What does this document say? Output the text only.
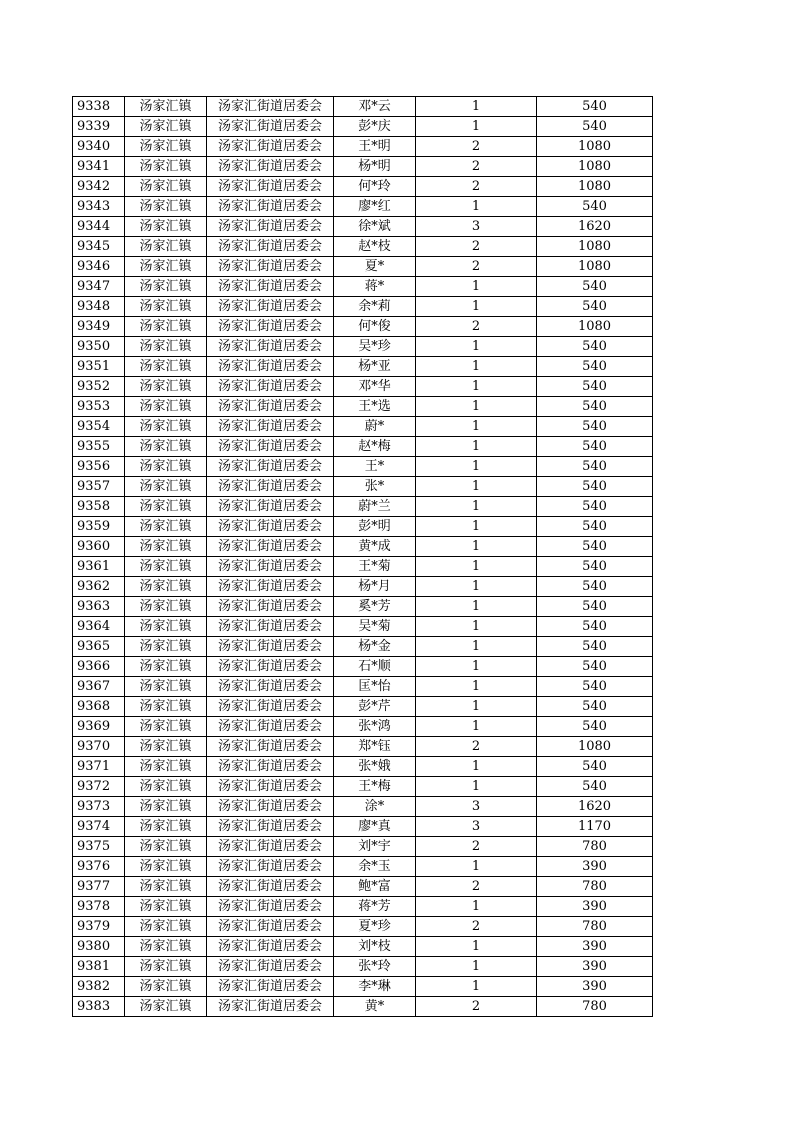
9338	汤家汇镇	汤家汇街道居委会	邓*云	1	540
9339	汤家汇镇	汤家汇街道居委会	彭*庆	1	540
9340	汤家汇镇	汤家汇街道居委会	王*明	2	1080
9341	汤家汇镇	汤家汇街道居委会	杨*明	2	1080
9342	汤家汇镇	汤家汇街道居委会	何*玲	2	1080
9343	汤家汇镇	汤家汇街道居委会	廖*红	1	540
9344	汤家汇镇	汤家汇街道居委会	徐*斌	3	1620
9345	汤家汇镇	汤家汇街道居委会	赵*枝	2	1080
9346	汤家汇镇	汤家汇街道居委会	夏*	2	1080
9347	汤家汇镇	汤家汇街道居委会	蒋*	1	540
9348	汤家汇镇	汤家汇街道居委会	余*莉	1	540
9349	汤家汇镇	汤家汇街道居委会	何*俊	2	1080
9350	汤家汇镇	汤家汇街道居委会	吴*珍	1	540
9351	汤家汇镇	汤家汇街道居委会	杨*亚	1	540
9352	汤家汇镇	汤家汇街道居委会	邓*华	1	540
9353	汤家汇镇	汤家汇街道居委会	王*选	1	540
9354	汤家汇镇	汤家汇街道居委会	蔚*	1	540
9355	汤家汇镇	汤家汇街道居委会	赵*梅	1	540
9356	汤家汇镇	汤家汇街道居委会	王*	1	540
9357	汤家汇镇	汤家汇街道居委会	张*	1	540
9358	汤家汇镇	汤家汇街道居委会	蔚*兰	1	540
9359	汤家汇镇	汤家汇街道居委会	彭*明	1	540
9360	汤家汇镇	汤家汇街道居委会	黄*成	1	540
9361	汤家汇镇	汤家汇街道居委会	王*菊	1	540
9362	汤家汇镇	汤家汇街道居委会	杨*月	1	540
9363	汤家汇镇	汤家汇街道居委会	奚*芳	1	540
9364	汤家汇镇	汤家汇街道居委会	吴*菊	1	540
9365	汤家汇镇	汤家汇街道居委会	杨*金	1	540
9366	汤家汇镇	汤家汇街道居委会	石*顺	1	540
9367	汤家汇镇	汤家汇街道居委会	匡*怡	1	540
9368	汤家汇镇	汤家汇街道居委会	彭*芹	1	540
9369	汤家汇镇	汤家汇街道居委会	张*鸿	1	540
9370	汤家汇镇	汤家汇街道居委会	郑*钰	2	1080
9371	汤家汇镇	汤家汇街道居委会	张*娥	1	540
9372	汤家汇镇	汤家汇街道居委会	王*梅	1	540
9373	汤家汇镇	汤家汇街道居委会	涂*	3	1620
9374	汤家汇镇	汤家汇街道居委会	廖*真	3	1170
9375	汤家汇镇	汤家汇街道居委会	刘*宇	2	780
9376	汤家汇镇	汤家汇街道居委会	余*玉	1	390
9377	汤家汇镇	汤家汇街道居委会	鲍*富	2	780
9378	汤家汇镇	汤家汇街道居委会	蒋*芳	1	390
9379	汤家汇镇	汤家汇街道居委会	夏*珍	2	780
9380	汤家汇镇	汤家汇街道居委会	刘*枝	1	390
9381	汤家汇镇	汤家汇街道居委会	张*玲	1	390
9382	汤家汇镇	汤家汇街道居委会	李*琳	1	390
9383	汤家汇镇	汤家汇街道居委会	黄*	2	780
